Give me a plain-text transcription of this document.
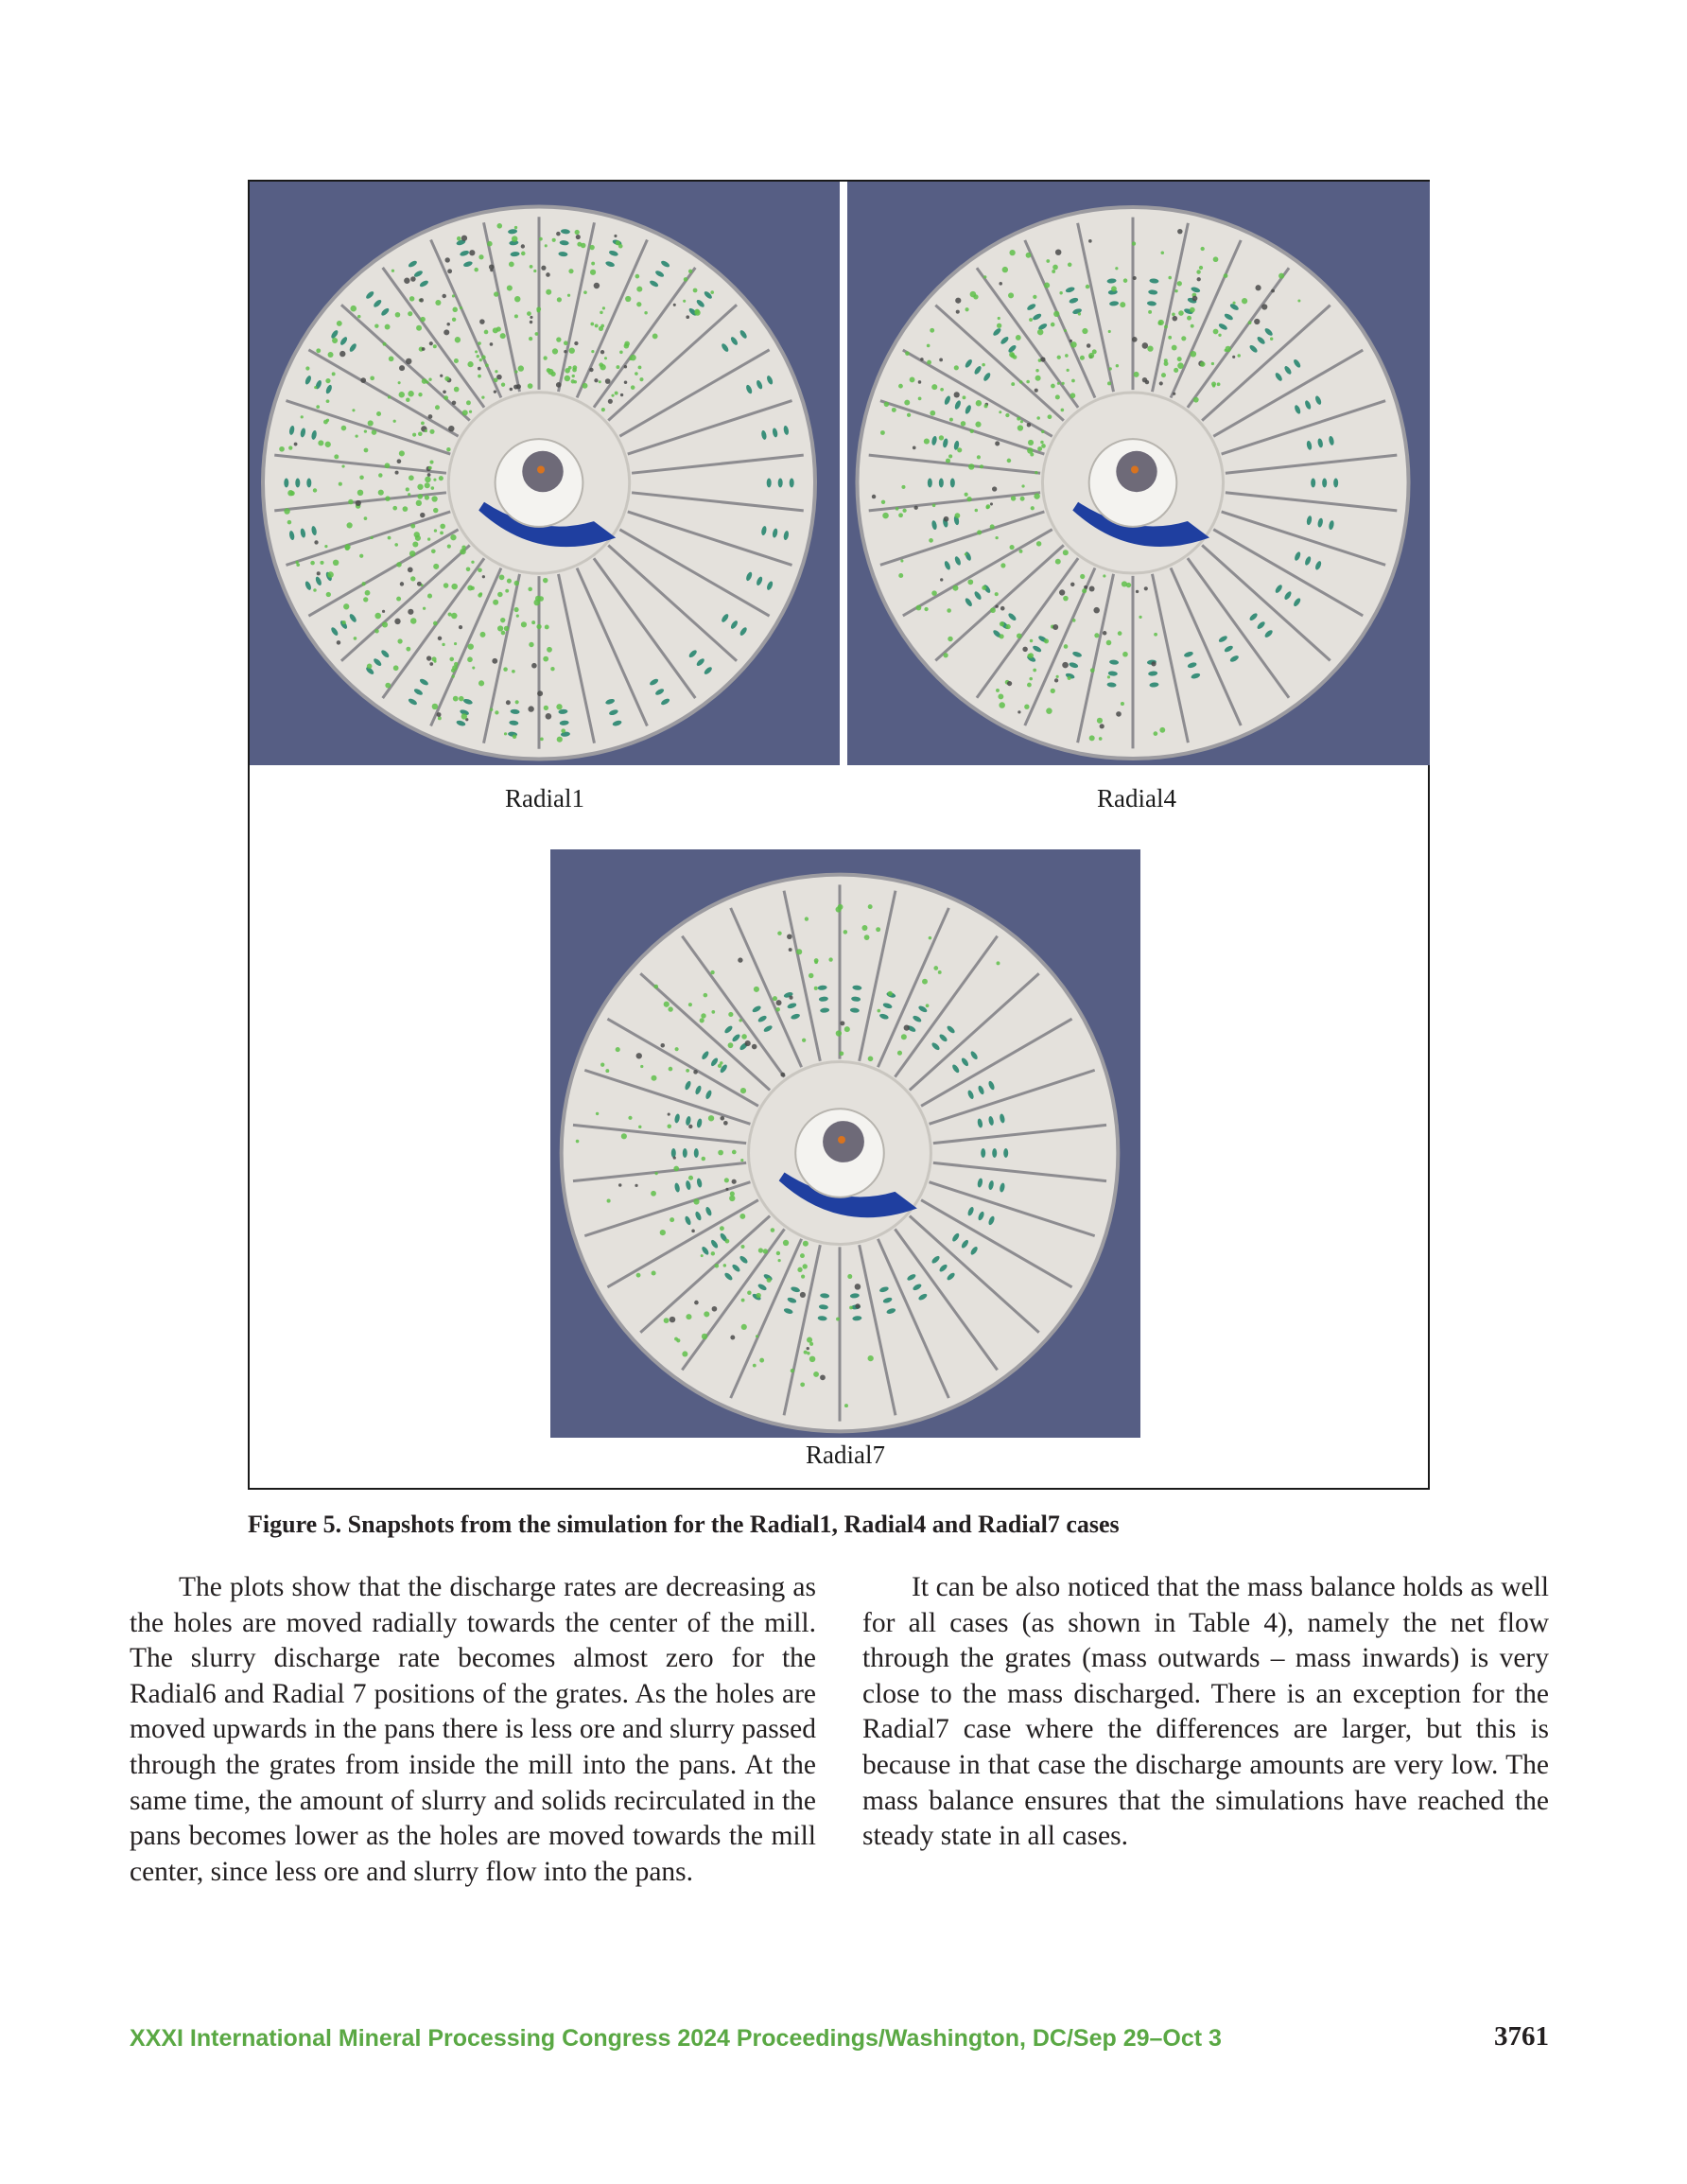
Radial1	Radial4
Radial7
Figure 5. Snapshots from the simulation for the Radial1, Radial4 and Radial7 cases

The plots show that the discharge rates are decreasing as the holes are moved radially towards the center of the mill. The slurry discharge rate becomes almost zero for the Radial6 and Radial 7 positions of the grates. As the holes are moved upwards in the pans there is less ore and slurry passed through the grates from inside the mill into the pans. At the same time, the amount of slurry and solids recirculated in the pans becomes lower as the holes are moved towards the mill center, since less ore and slurry flow into the pans.

It can be also noticed that the mass balance holds as well for all cases (as shown in Table 4), namely the net flow through the grates (mass outwards – mass inwards) is very close to the mass discharged. There is an exception for the Radial7 case where the differences are larger, but this is because in that case the discharge amounts are very low. The mass balance ensures that the simulations have reached the steady state in all cases.

XXXI International Mineral Processing Congress 2024 Proceedings/Washington, DC/Sep 29–Oct 3	3761
